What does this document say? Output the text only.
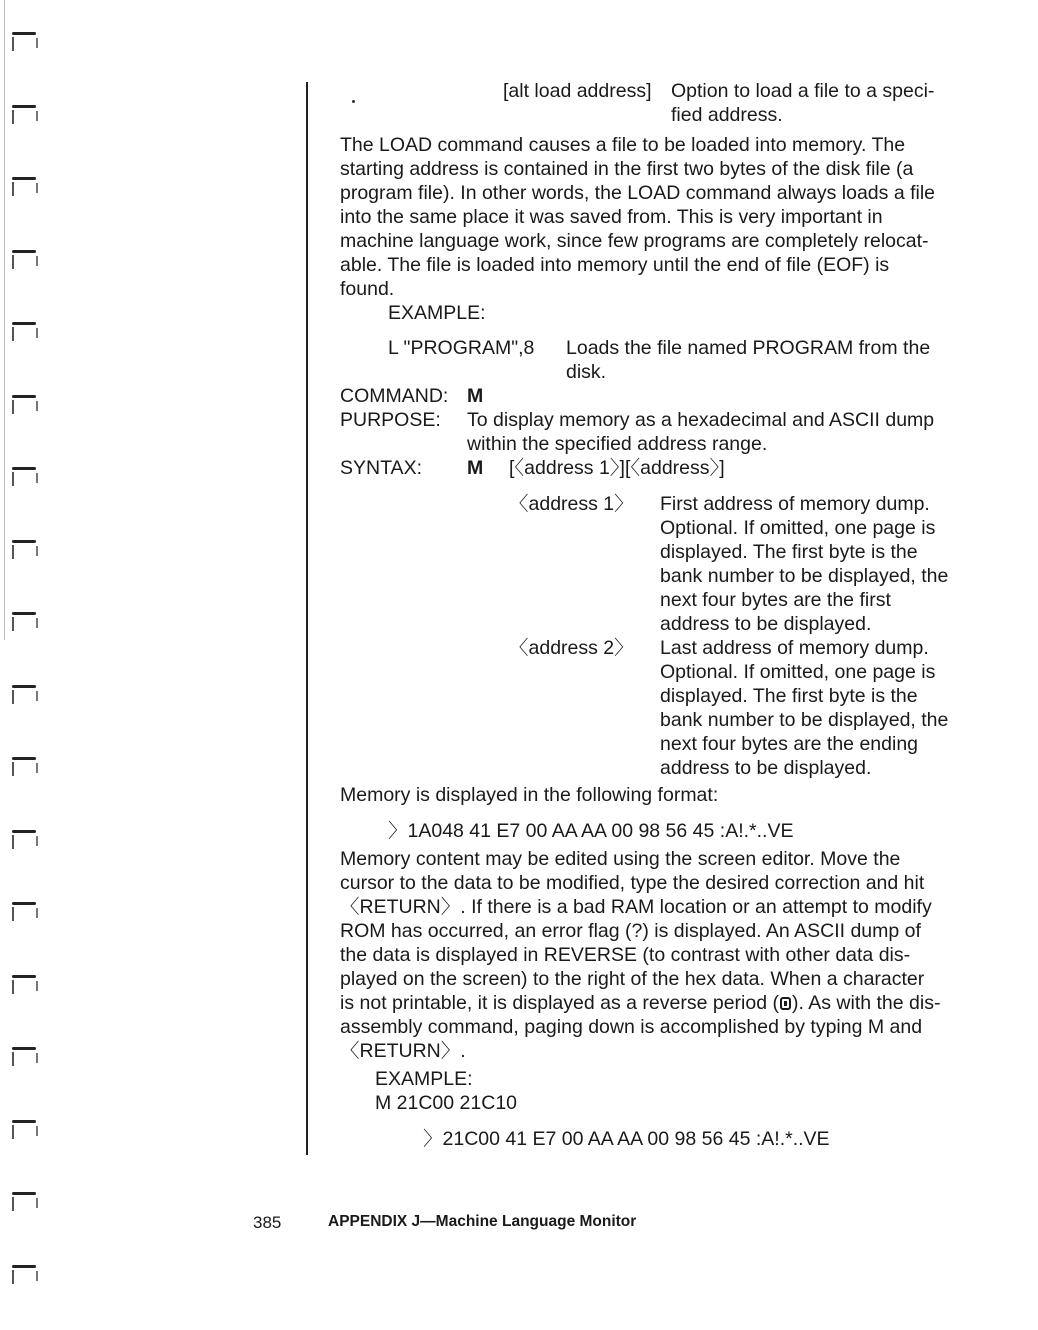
[alt load address] Option to load a file to a speci-

fied address.

The LOAD command causes a file to be loaded into memory. The

starting address is contained in the first two bytes of the disk file (a

program file). In other words, the LOAD command always loads a file

into the same place it was saved from. This is very important in

machine language work, since few programs are completely relocat-

able. The file is loaded into memory until the end of file (EOF) is

found.

EXAMPLE:

L "PROGRAM",8 Loads the file named PROGRAM from the

disk.

COMMAND: M

PURPOSE: To display memory as a hexadecimal and ASCII dump

within the specified address range.

SYNTAX: M [〈address 1〉][〈address〉]

〈address 1〉 First address of memory dump.

Optional. If omitted, one page is

displayed. The first byte is the

bank number to be displayed, the

next four bytes are the first

address to be displayed.

〈address 2〉 Last address of memory dump.

Optional. If omitted, one page is

displayed. The first byte is the

bank number to be displayed, the

next four bytes are the ending

address to be displayed.

Memory is displayed in the following format:

〉1A048 41 E7 00 AA AA 00 98 56 45 :A!.*..VE

Memory content may be edited using the screen editor. Move the

cursor to the data to be modified, type the desired correction and hit

〈RETURN〉. If there is a bad RAM location or an attempt to modify

ROM has occurred, an error flag (?) is displayed. An ASCII dump of

the data is displayed in REVERSE (to contrast with other data dis-

played on the screen) to the right of the hex data. When a character

is not printable, it is displayed as a reverse period ( ). As with the dis-

assembly command, paging down is accomplished by typing M and

〈RETURN〉.

EXAMPLE:

M 21C00 21C10

〉21C00 41 E7 00 AA AA 00 98 56 45 :A!.*..VE

385	APPENDIX J—Machine Language Monitor
